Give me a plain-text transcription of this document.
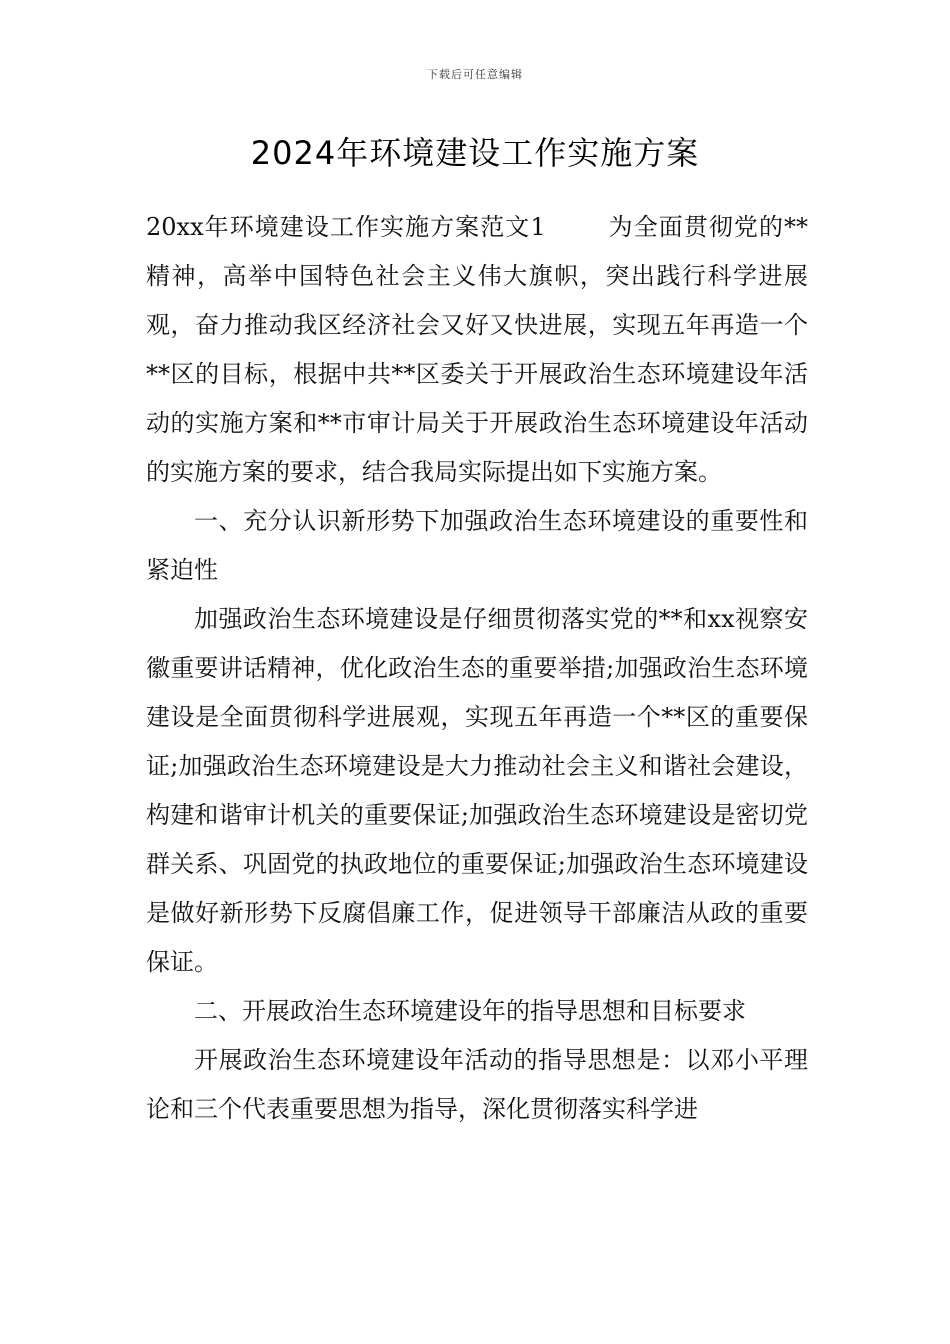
下载后可任意编辑
2024年环境建设工作实施方案

20xx年环境建设工作实施方案范文1	为全面贯彻党的**精神，高举中国特色社会主义伟大旗帜，突出践行科学进展观，奋力推动我区经济社会又好又快进展，实现五年再造一个**区的目标，根据中共**区委关于开展政治生态环境建设年活动的实施方案和**市审计局关于开展政治生态环境建设年活动的实施方案的要求，结合我局实际提出如下实施方案。

一、充分认识新形势下加强政治生态环境建设的重要性和紧迫性

加强政治生态环境建设是仔细贯彻落实党的**和xx视察安徽重要讲话精神，优化政治生态的重要举措;加强政治生态环境建设是全面贯彻科学进展观，实现五年再造一个**区的重要保证;加强政治生态环境建设是大力推动社会主义和谐社会建设，构建和谐审计机关的重要保证;加强政治生态环境建设是密切党群关系、巩固党的执政地位的重要保证;加强政治生态环境建设是做好新形势下反腐倡廉工作，促进领导干部廉洁从政的重要保证。

二、开展政治生态环境建设年的指导思想和目标要求

开展政治生态环境建设年活动的指导思想是：以邓小平理论和三个代表重要思想为指导，深化贯彻落实科学进
